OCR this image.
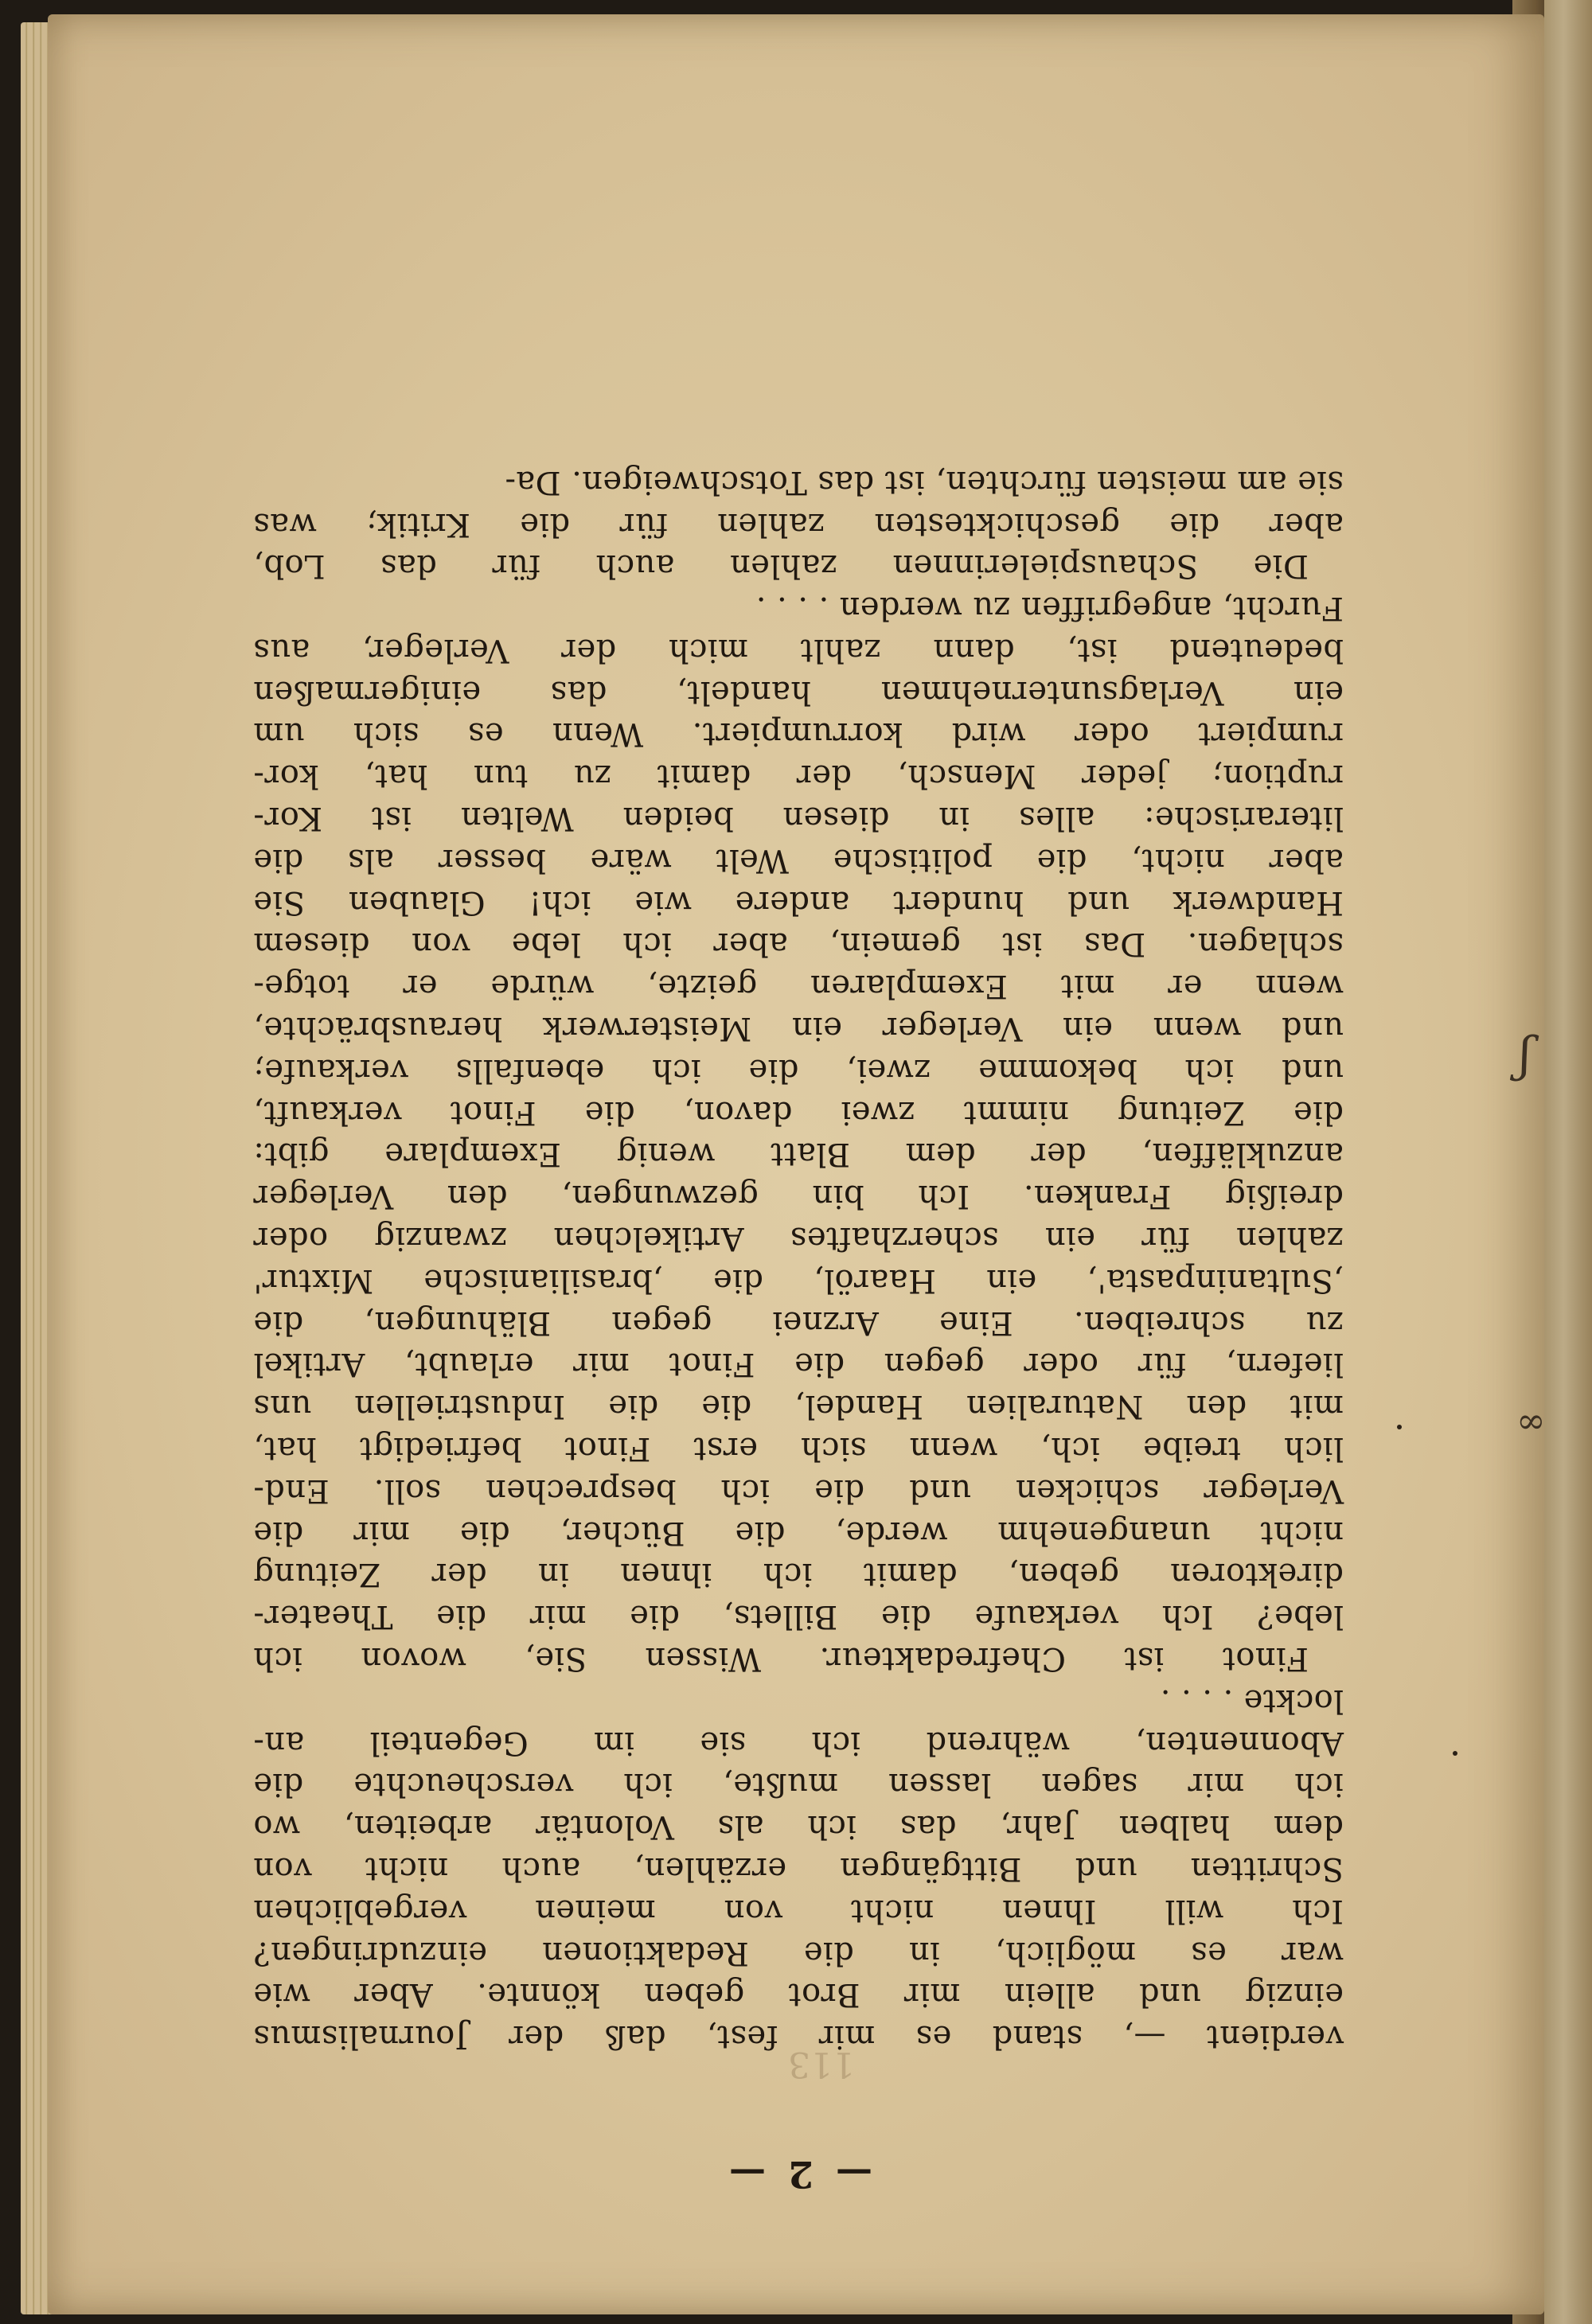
— 2 —
verdient —, stand es mir fest, daß der Journalismus
einzig und allein mir Brot geben könnte. Aber wie
war es möglich, in die Redaktionen einzudringen?
Ich will Ihnen nicht von meinen vergeblichen
Schritten und Bittgängen erzählen, auch nicht von
dem halben Jahr, das ich als Volontär arbeiten, wo
ich mir sagen lassen mußte, ich verscheuchte die
Abonnenten, während ich sie im Gegenteil an-
lockte . . . .
Finot ist Chefredakteur. Wissen Sie, wovon ich
lebe? Ich verkaufe die Billets, die mir die Theater-
direktoren geben, damit ich ihnen in der Zeitung
nicht unangenehm werde, die Bücher, die mir die
Verleger schicken und die ich besprechen soll. End-
lich treibe ich, wenn sich erst Finot befriedigt hat,
mit den Naturalien Handel, die die Industriellen uns
liefern, für oder gegen die Finot mir erlaubt, Artikel
zu schreiben. Eine Arznei gegen Blähungen, die
‚Sultaninpasta', ein Haaröl, die ‚brasilianische Mixtur'
zahlen für ein scherzhaftes Artikelchen zwanzig oder
dreißig Franken. Ich bin gezwungen, den Verleger
anzukläffen, der dem Blatt wenig Exemplare gibt:
die Zeitung nimmt zwei davon, die Finot verkauft,
und ich bekomme zwei, die ich ebenfalls verkaufe;
und wenn ein Verleger ein Meisterwerk herausbrächte,
wenn er mit Exemplaren geizte, würde er totge-
schlagen. Das ist gemein, aber ich lebe von diesem
Handwerk und hundert andere wie ich! Glauben Sie
aber nicht, die politische Welt wäre besser als die
literarische: alles in diesen beiden Welten ist Kor-
ruption; jeder Mensch, der damit zu tun hat, kor-
rumpiert oder wird korrumpiert. Wenn es sich um
ein Verlagsunternehmen handelt, das einigermaßen
bedeutend ist, dann zahlt mich der Verleger, aus
Furcht, angegriffen zu werden . . . .
Die Schauspielerinnen zahlen auch für das Lob,
aber die geschicktesten zahlen für die Kritik; was
sie am meisten fürchten, ist das Totschweigen. Da-
113
ʃ
∞
